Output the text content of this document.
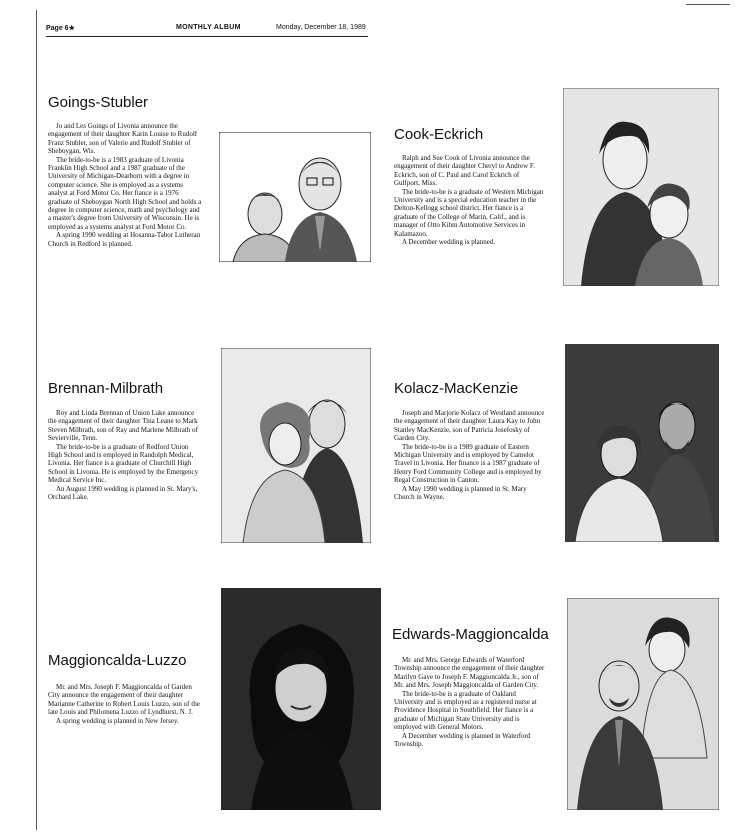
Page 6★	MONTHLY ALBUM	Monday, December 18, 1989
Goings-Stubler

Jo and Les Goings of Livonia announce the engagement of their daughter Karin Louise to Rudolf Franz Stubler, son of Valerie and Rudolf Stubler of Sheboygan, Wis.

The bride-to-be is a 1983 graduate of Livonia Franklin High School and a 1987 graduate of the University of Michigan-Dearborn with a degree in computer science. She is employed as a systems analyst at Ford Motor Co. Her fiance is a 1976 graduate of Sheboygan North High School and holds a degree in computer science, math and psychology and a master's degree from University of Wisconsin. He is employed as a systems analyst at Ford Motor Co.

A spring 1990 wedding at Hosanna-Tabor Lutheran Church in Redford is planned.

Cook-Eckrich

Ralph and Sue Cook of Livonia announce the engagement of their daughter Cheryl to Andrew F. Eckrich, son of C. Paul and Carol Eckrich of Gulfport, Miss.

The bride-to-be is a graduate of Western Michigan University and is a special education teacher in the Delton-Kellogg school district. Her fiance is a graduate of the College of Marin, Calif., and is manager of Otto Kihm Automotive Services in Kalamazoo.

A December wedding is planned.

Brennan-Milbrath

Roy and Linda Brennan of Union Lake announce the engagement of their daughter Tina Leane to Mark Steven Milbrath, son of Ray and Marlene Milbrath of Sevierville, Tenn.

The bride-to-be is a graduate of Redford Union High School and is employed in Randolph Medical, Livonia. Her fiance is a graduate of Churchill High School in Livonia. He is employed by the Emergency Medical Service Inc.

An August 1990 wedding is planned in St. Mary's, Orchard Lake.

Kolacz-MacKenzie

Joseph and Marjorie Kolacz of Westland announce the engagement of their daughter Laura Kay to John Stanley MacKenzie, son of Patricia Josefosky of Garden City.

The bride-to-be is a 1989 graduate of Eastern Michigan University and is employed by Camelot Travel in Livonia. Her finance is a 1987 graduate of Henry Ford Community College and is employed by Regal Construction in Canton.

A May 1990 wedding is planned in St. Mary Church in Wayne.

Maggioncalda-Luzzo

Mr. and Mrs. Joseph F. Maggioncalda of Garden City announce the engagement of their daughter Marianne Catherine to Robert Louis Luzzo, son of the late Louis and Philomena Luzzo of Lyndhurst, N. J.

A spring wedding is planned in New Jersey.

Edwards-Maggioncalda

Mr. and Mrs. George Edwards of Waterford Township announce the engagement of their daughter Marilyn Gaye to Joseph F. Maggioncalda Jr., son of Mr. and Mrs. Joseph Maggioncalda of Garden City.

The bride-to-be is a graduate of Oakland University and is employed as a registered nurse at Providence Hospital in Southfield. Her fiance is a graduate of Michigan State University and is employed with General Motors.

A December wedding is planned in Waterford Township.
